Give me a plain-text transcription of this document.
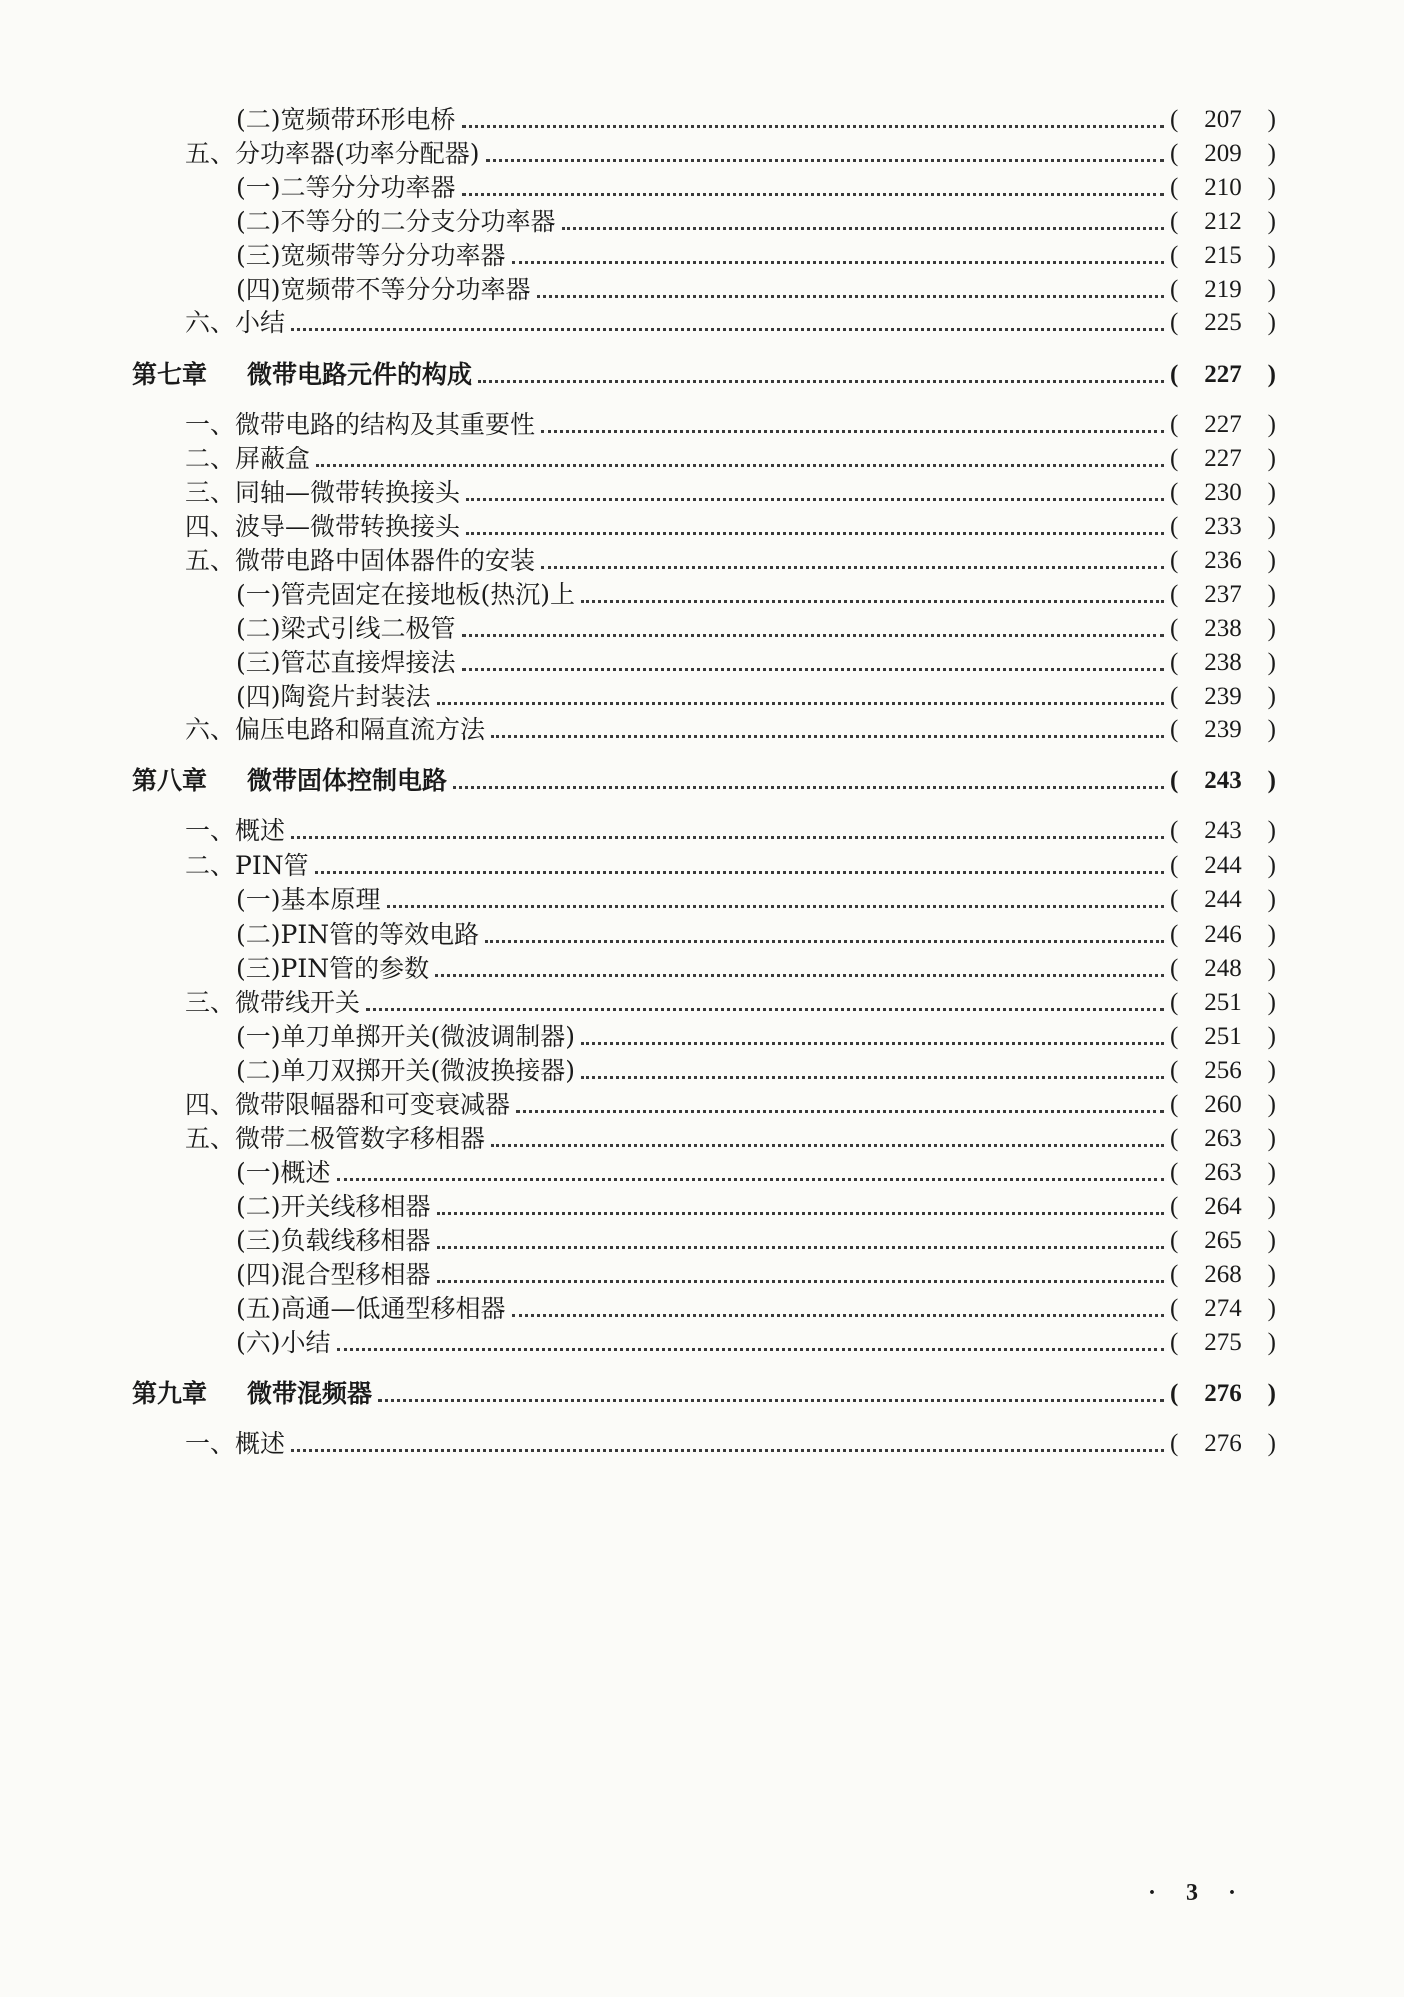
(二)宽频带环形电桥	(	207	)
五、 分功率器(功率分配器)	(	209	)
(一)二等分分功率器	(	210	)
(二)不等分的二分支分功率器	(	212	)
(三)宽频带等分分功率器	(	215	)
(四)宽频带不等分分功率器	(	219	)
六、 小结	(	225	)
第七章 微带电路元件的构成	(	227	)
一、 微带电路的结构及其重要性	(	227	)
二、 屏蔽盒	(	227	)
三、 同轴—微带转换接头	(	230	)
四、 波导—微带转换接头	(	233	)
五、 微带电路中固体器件的安装	(	236	)
(一)管壳固定在接地板(热沉)上	(	237	)
(二)梁式引线二极管	(	238	)
(三)管芯直接焊接法	(	238	)
(四)陶瓷片封装法	(	239	)
六、 偏压电路和隔直流方法	(	239	)
第八章 微带固体控制电路	(	243	)
一、 概述	(	243	)
二、 PIN管	(	244	)
(一)基本原理	(	244	)
(二)PIN管的等效电路	(	246	)
(三)PIN管的参数	(	248	)
三、 微带线开关	(	251	)
(一)单刀单掷开关(微波调制器)	(	251	)
(二)单刀双掷开关(微波换接器)	(	256	)
四、 微带限幅器和可变衰减器	(	260	)
五、 微带二极管数字移相器	(	263	)
(一)概述	(	263	)
(二)开关线移相器	(	264	)
(三)负载线移相器	(	265	)
(四)混合型移相器	(	268	)
(五)高通—低通型移相器	(	274	)
(六)小结	(	275	)
第九章 微带混频器	(	276	)
一、 概述	(	276	)
· 3 ·
